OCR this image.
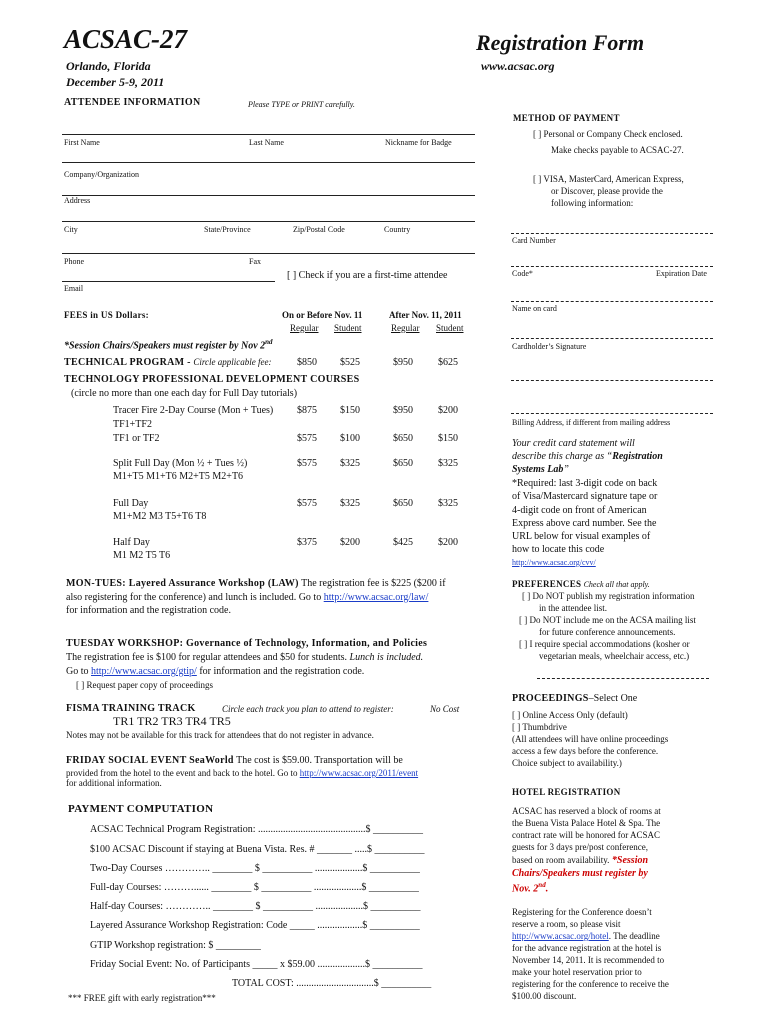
ACSAC-27	Registration Form
Orlando, Florida
December 5-9, 2011
www.acsac.org
ATTENDEE INFORMATION	Please TYPE or PRINT carefully.
First Name	Last Name	Nickname for Badge
Company/Organization
Address
City	State/Province	Zip/Postal Code	Country
Phone	Fax
[ ] Check if you are a first-time attendee
Email
FEES in US Dollars:	On or Before Nov. 11	After Nov. 11, 2011
Regular Student	Regular Student
*Session Chairs/Speakers must register by Nov 2nd
TECHNICAL PROGRAM - Circle applicable fee:	$850 $525	$950	$625
TECHNOLOGY PROFESSIONAL DEVELOPMENT COURSES
(circle no more than one each day for Full Day tutorials)
Tracer Fire 2-Day Course (Mon + Tues)
TF1+TF2
$875 $150	$950	$200
TF1 or TF2	$575 $100	$650	$150
Split Full Day (Mon ½ + Tues ½)
M1+T5 M1+T6 M2+T5 M2+T6
$575 $325	$650	$325
Full Day
M1+M2 M3 T5+T6 T8
$575 $325	$650	$325
Half Day
M1 M2 T5 T6
$375 $200	$425	$200
MON-TUES: Layered Assurance Workshop (LAW) The registration fee is $225 ($200 if
also registering for the conference) and lunch is included. Go to http://www.acsac.org/law/
for information and the registration code.
TUESDAY WORKSHOP: Governance of Technology, Information, and Policies
The registration fee is $100 for regular attendees and $50 for students. Lunch is included.
Go to http://www.acsac.org/gtip/ for information and the registration code.
[ ] Request paper copy of proceedings
FISMA TRAINING TRACK	Circle each track you plan to attend to register:	No Cost
TR1 TR2 TR3 TR4 TR5
Notes may not be available for this track for attendees that do not register in advance.
FRIDAY SOCIAL EVENT SeaWorld The cost is $59.00. Transportation will be
provided from the hotel to the event and back to the hotel. Go to http://www.acsac.org/2011/event
for additional information.
PAYMENT COMPUTATION
ACSAC Technical Program Registration: ...........................................$ __________
$100 ACSAC Discount if staying at Buena Vista. Res. # _______ .....$ __________
Two-Day Courses ………….. ________ $ __________ ...................$ __________
Full-day Courses: ………...... ________ $ __________ ...................$ __________
Half-day Courses: ………….. ________ $ __________ ...................$ __________
Layered Assurance Workshop Registration: Code _____ ..................$ __________
GTIP Workshop registration: $ _________
Friday Social Event: No. of Participants _____ x $59.00 ...................$ __________
TOTAL COST: ...............................$ __________
*** FREE gift with early registration***
METHOD OF PAYMENT
[ ] Personal or Company Check enclosed.
Make checks payable to ACSAC-27.
[ ] VISA, MasterCard, American Express,
or Discover, please provide the
following information:
Card Number
Code*	Expiration Date
Name on card
Cardholder’s Signature
Billing Address, if different from mailing address
Your credit card statement will
describe this charge as “Registration
Systems Lab”
*Required: last 3-digit code on back
of Visa/Mastercard signature tape or
4-digit code on front of American
Express above card number. See the
URL below for visual examples of
how to locate this code
http://www.acsac.org/cvv/
PREFERENCES Check all that apply.
[ ] Do NOT publish my registration information
in the attendee list.
[ ] Do NOT include me on the ACSA mailing list
for future conference announcements.
[ ] I require special accommodations (kosher or
vegetarian meals, wheelchair access, etc.)
PROCEEDINGS–Select One
[ ] Online Access Only (default)
[ ] Thumbdrive
(All attendees will have online proceedings
access a few days before the conference.
Choice subject to availability.)
HOTEL REGISTRATION
ACSAC has reserved a block of rooms at
the Buena Vista Palace Hotel & Spa. The
contract rate will be honored for ACSAC
guests for 3 days pre/post conference,
based on room availability. *Session
Chairs/Speakers must register by
Nov. 2nd.
Registering for the Conference doesn’t
reserve a room, so please visit
http://www.acsac.org/hotel. The deadline
for the advance registration at the hotel is
November 14, 2011. It is recommended to
make your hotel reservation prior to
registering for the conference to receive the
$100.00 discount.
